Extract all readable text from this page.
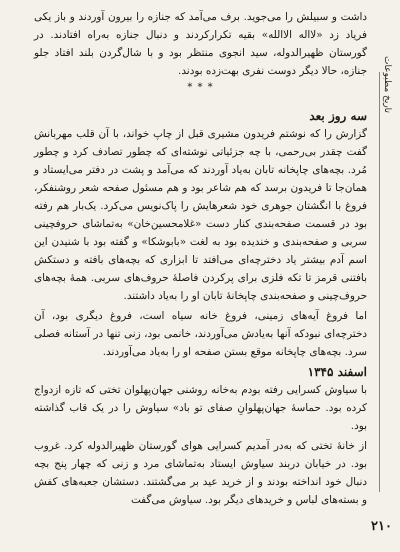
تاریخ مطبوعات
۲۱۰

داشت و سبیلش را می‌جوید. برف می‌آمد که جنازه را بیرون آوردند و باز یکی فریاد زد «لااله الاالله» بقیه تکرارکردند و دنبال جنازه به‌راه افتادند. در گورستان ظهیرالدوله، سید انجوی منتظر بود و با شال‌گردن بلند افتاد جلو جنازه، حالا دیگر دوست نفری بهت‌زده بودند.

* * *
سه روز بعد

گزارش را که نوشتم فریدون مشیری قبل از چاپ خواند، با آن قلب مهربانش گفت چقدر بی‌رحمی، با چه جزئیاتی نوشته‌ای که چطور تصادف کرد و چطور مُرد. بچه‌های چاپخانه تابان به‌یاد آوردند که می‌آمد و پشت در دفتر می‌ایستاد و همان‌جا تا فریدون برسد که هم شاعر بود و هم مسئول صفحه شعر روشنفکر، فروغ با انگشتان جوهری خود شعرهایش را پاک‌نویس می‌کرد. یک‌بار هم رفته بود در قسمت صفحه‌بندی کنار دست «غلامحسین‌خان» به‌تماشای حروفچینی سربی و صفحه‌بندی و خندیده بود به لغت «بابوشکا» و گفته بود با شنیدن این اسم آدم بیشتر یاد دخترچه‌ای می‌افتد تا ابزاری که بچه‌های بافته و دستکش بافتنی قرمز تا تکه فلزی برای پرکردن فاصلهٔ حروف‌های سربی. همهٔ بچه‌های حروف‌چینی و صفحه‌بندی چاپخانهٔ تابان او را به‌یاد داشتند.

اما فروغ آیه‌های زمینی، فروغ خانه سیاه است، فروغ دیگری بود، آن دخترچه‌ای نبودکه آنها به‌یادش می‌آوردند، خانمی بود، زنی تنها در آستانه فصلی سرد. بچه‌های چاپخانه موقع بستن صفحه او را به‌یاد می‌آوردند.

اسفند ۱۳۴۵

با سیاوش کسرایی رفته بودم به‌خانه روشنی جهان‌پهلوان تختی که تازه ازدواج کرده بود. حماسهٔ جهان‌پهلوانِ صفای تو باد» سیاوش را در یک قاب گذاشته بود.

از خانهٔ تختی که به‌در آمدیم کسرایی هوای گورستان ظهیرالدوله کرد. غروب بود. در خیابان دربند سیاوش ایستاد به‌تماشای مرد و زنی که چهار پنج بچه دنبال خود انداخته بودند و از خرید عید بر می‌گشتند. دستشان جعبه‌های کفش و بسته‌های لباس و خریدهای دیگر بود. سیاوش می‌گفت
